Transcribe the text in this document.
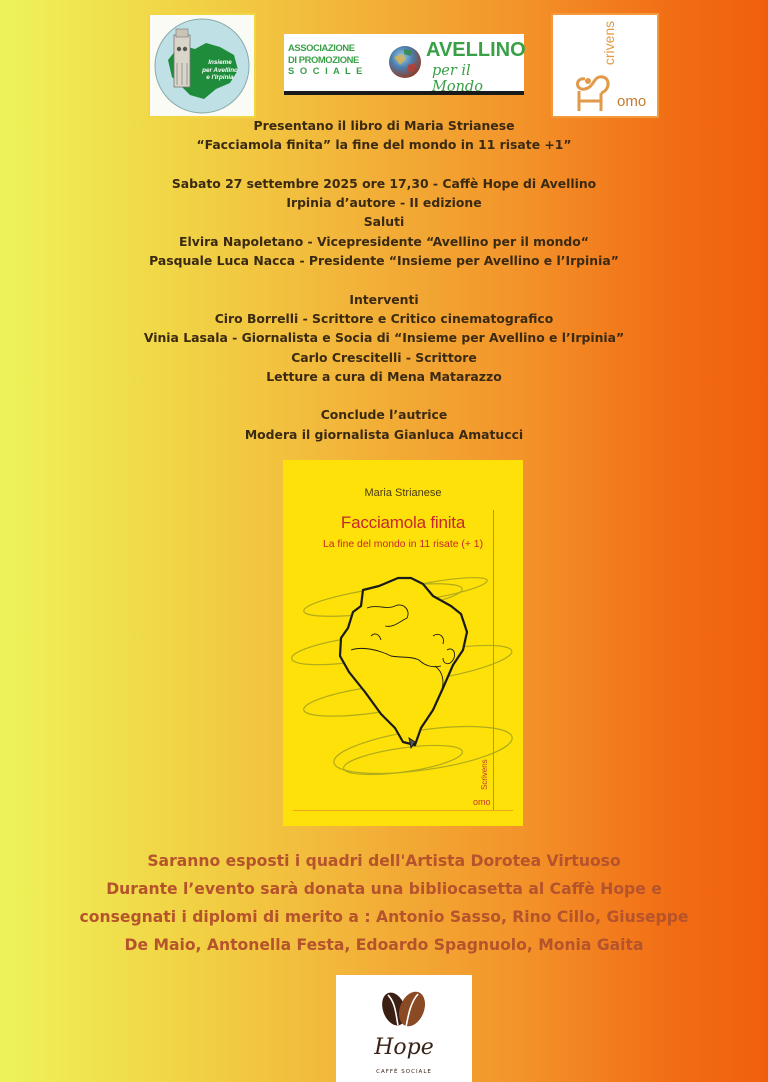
Insieme
per Avellino
e l'Irpinia
ASSOCIAZIONE
DI PROMOZIONE
S O C I A L E
AVELLINO
per il Mondo
crivens
omo
Presentano il libro di Maria Strianese
“Facciamola finita” la fine del mondo in 11 risate +1”
Sabato 27 settembre 2025 ore 17,30 - Caffè Hope di Avellino
Irpinia d’autore - II edizione
Saluti
Elvira Napoletano - Vicepresidente “Avellino per il mondo“
Pasquale Luca Nacca - Presidente “Insieme per Avellino e l’Irpinia”
Interventi
Ciro Borrelli - Scrittore e Critico cinematografico
Vinia Lasala - Giornalista e Socia di “Insieme per Avellino e l’Irpinia”
Carlo Crescitelli - Scrittore
Letture a cura di Mena Matarazzo
Conclude l’autrice
Modera il giornalista Gianluca Amatucci
Maria Strianese
Facciamola finita
La fine del mondo in 11 risate (+ 1)
omo
Scrivens
Saranno esposti i quadri dell'Artista Dorotea Virtuoso
Durante l’evento sarà donata una bibliocasetta al Caffè Hope e
consegnati i diplomi di merito a : Antonio Sasso, Rino Cillo, Giuseppe
De Maio, Antonella Festa, Edoardo Spagnuolo, Monia Gaita
Hope
CAFFÈ SOCIALE
